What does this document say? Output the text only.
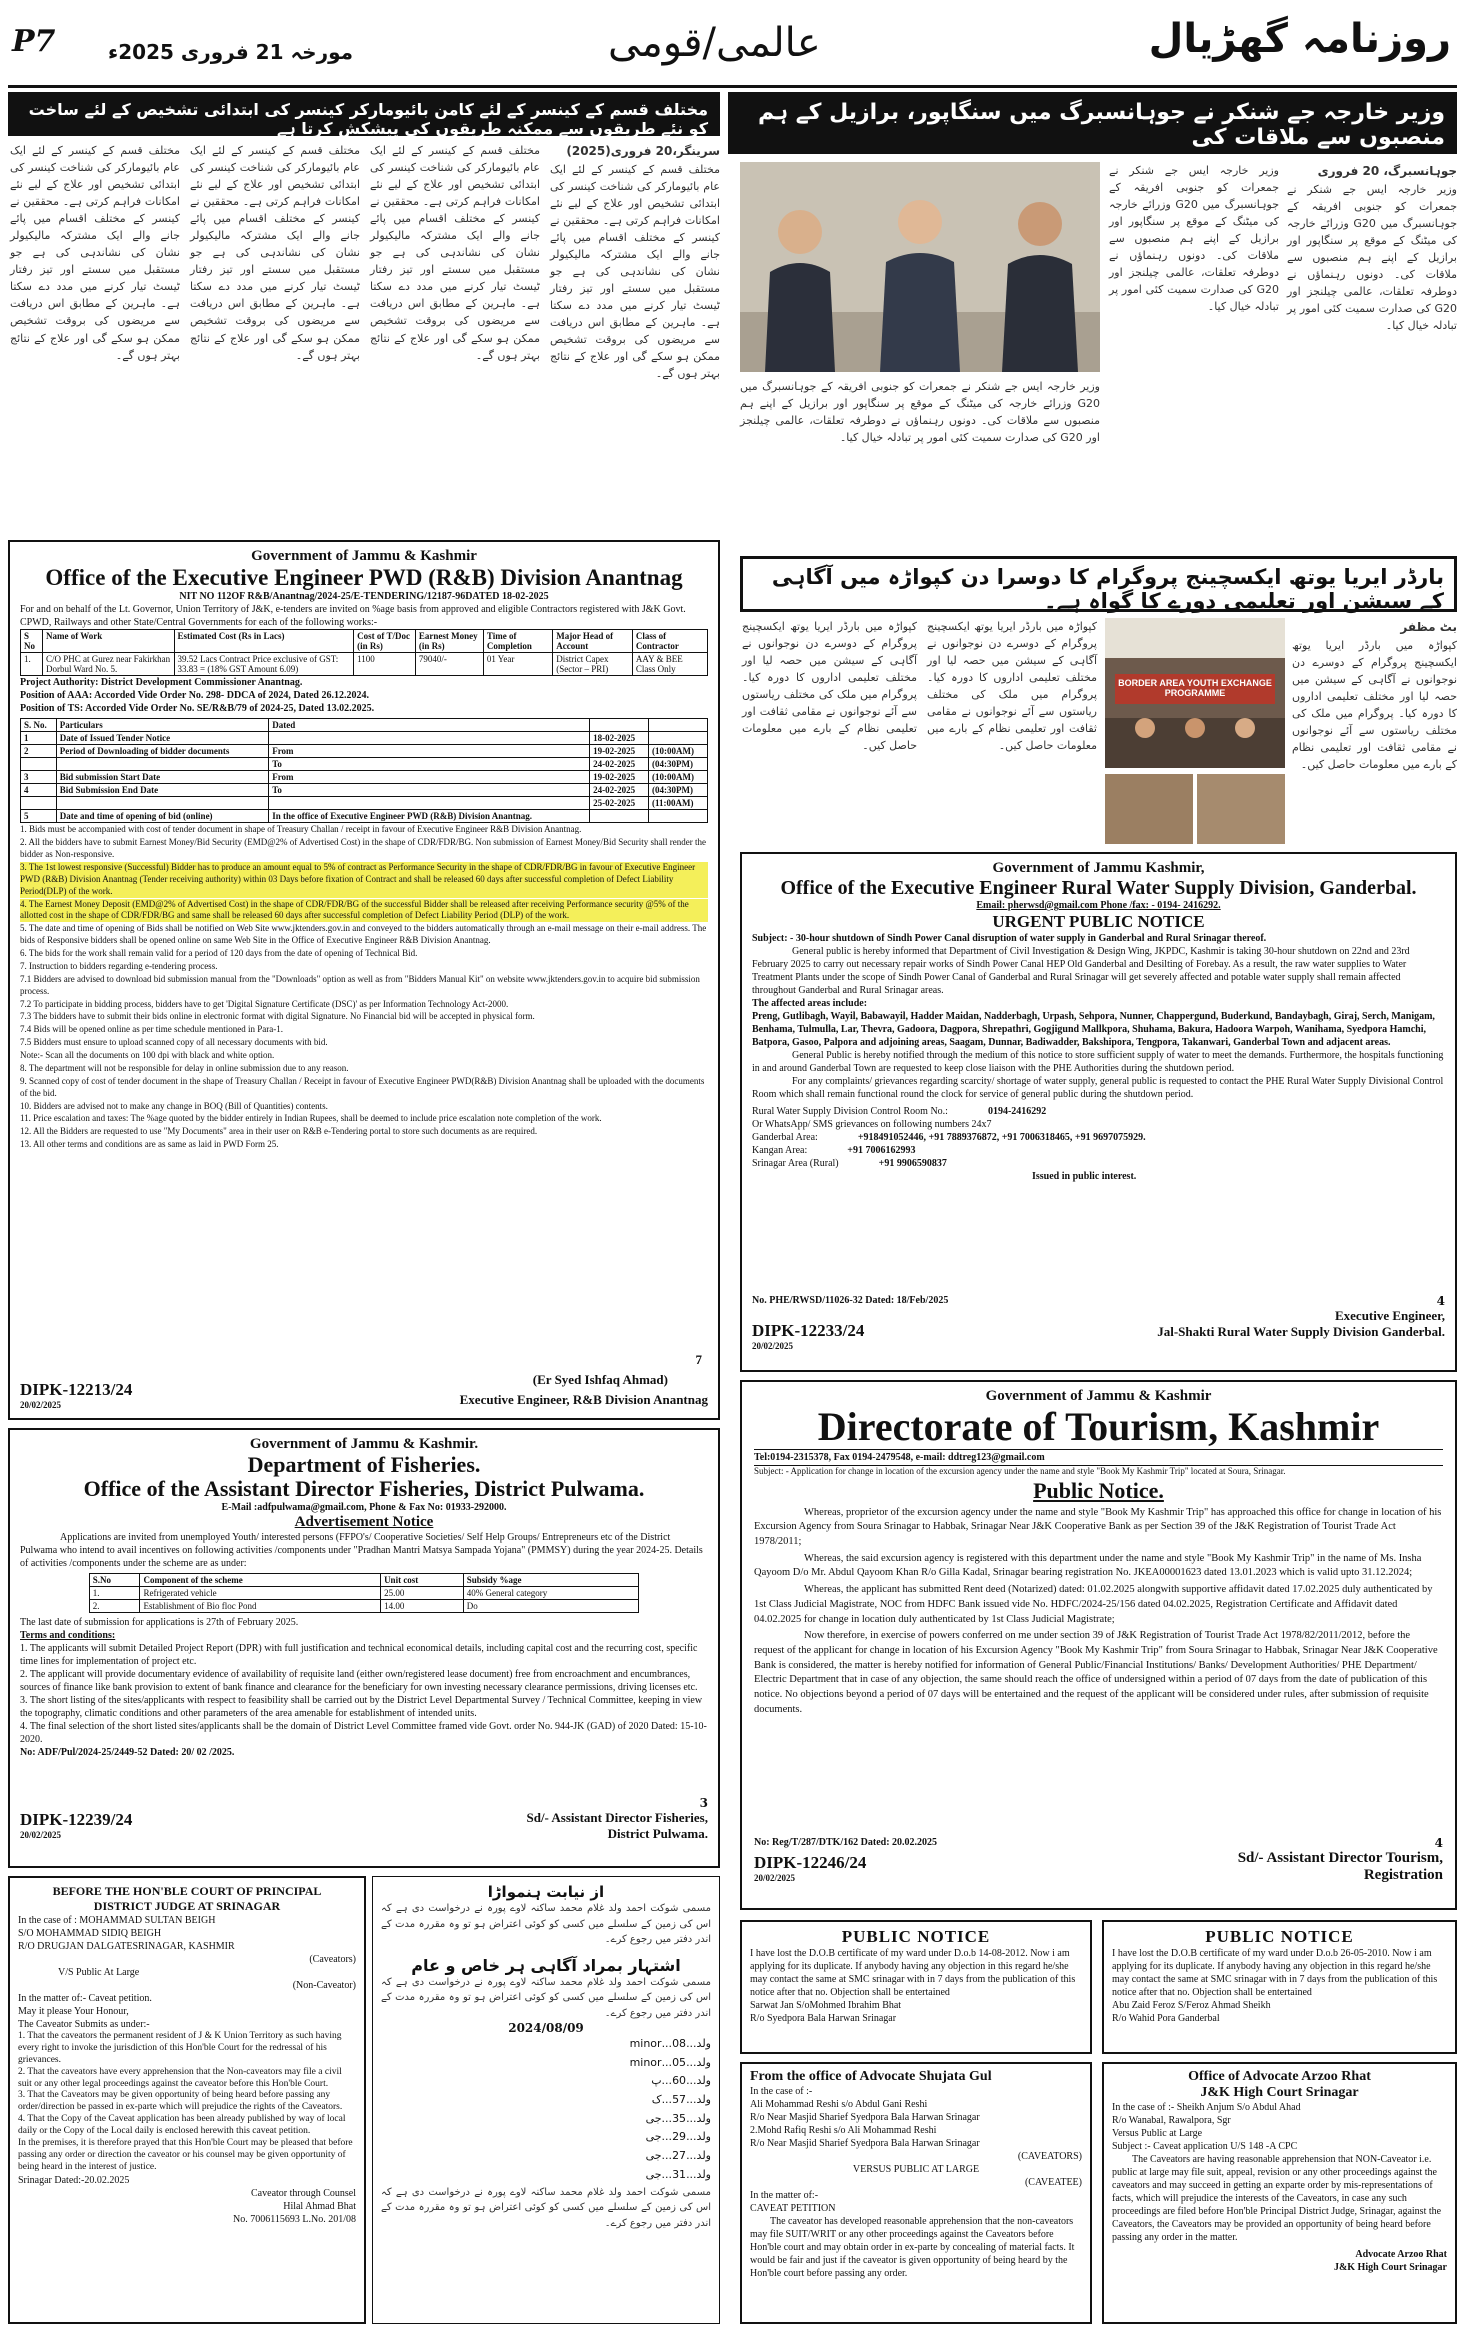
روزنامہ گھڑیال
عالمی/قومی
مورخہ 21 فروری 2025ء
P7
مختلف قسم کے کینسر کے لئے کامن بائیومارکر کینسر کی ابتدائی تشخیص کے لئے ساخت کو نئے طریقوں سے ممکنہ طریقوں کی پیشکش کرتا ہے
سرینگر،20 فروری(2025)
مختلف قسم کے کینسر کے لئے ایک عام بائیومارکر کی شناخت کینسر کی ابتدائی تشخیص اور علاج کے لیے نئے امکانات فراہم کرتی ہے۔ محققین نے کینسر کے مختلف اقسام میں پائے جانے والے ایک مشترکہ مالیکیولر نشان کی نشاندہی کی ہے جو مستقبل میں سستے اور تیز رفتار ٹیسٹ تیار کرنے میں مدد دے سکتا ہے۔ ماہرین کے مطابق اس دریافت سے مریضوں کی بروقت تشخیص ممکن ہو سکے گی اور علاج کے نتائج بہتر ہوں گے۔
مختلف قسم کے کینسر کے لئے ایک عام بائیومارکر کی شناخت کینسر کی ابتدائی تشخیص اور علاج کے لیے نئے امکانات فراہم کرتی ہے۔ محققین نے کینسر کے مختلف اقسام میں پائے جانے والے ایک مشترکہ مالیکیولر نشان کی نشاندہی کی ہے جو مستقبل میں سستے اور تیز رفتار ٹیسٹ تیار کرنے میں مدد دے سکتا ہے۔ ماہرین کے مطابق اس دریافت سے مریضوں کی بروقت تشخیص ممکن ہو سکے گی اور علاج کے نتائج بہتر ہوں گے۔
مختلف قسم کے کینسر کے لئے ایک عام بائیومارکر کی شناخت کینسر کی ابتدائی تشخیص اور علاج کے لیے نئے امکانات فراہم کرتی ہے۔ محققین نے کینسر کے مختلف اقسام میں پائے جانے والے ایک مشترکہ مالیکیولر نشان کی نشاندہی کی ہے جو مستقبل میں سستے اور تیز رفتار ٹیسٹ تیار کرنے میں مدد دے سکتا ہے۔ ماہرین کے مطابق اس دریافت سے مریضوں کی بروقت تشخیص ممکن ہو سکے گی اور علاج کے نتائج بہتر ہوں گے۔
مختلف قسم کے کینسر کے لئے ایک عام بائیومارکر کی شناخت کینسر کی ابتدائی تشخیص اور علاج کے لیے نئے امکانات فراہم کرتی ہے۔ محققین نے کینسر کے مختلف اقسام میں پائے جانے والے ایک مشترکہ مالیکیولر نشان کی نشاندہی کی ہے جو مستقبل میں سستے اور تیز رفتار ٹیسٹ تیار کرنے میں مدد دے سکتا ہے۔ ماہرین کے مطابق اس دریافت سے مریضوں کی بروقت تشخیص ممکن ہو سکے گی اور علاج کے نتائج بہتر ہوں گے۔
وزیر خارجہ جے شنکر نے جوہانسبرگ میں سنگاپور، برازیل کے ہم منصبوں سے ملاقات کی
جوہانسبرگ، 20 فروری
وزیر خارجہ ایس جے شنکر نے جمعرات کو جنوبی افریقہ کے جوہانسبرگ میں G20 وزرائے خارجہ کی میٹنگ کے موقع پر سنگاپور اور برازیل کے اپنے ہم منصبوں سے ملاقات کی۔ دونوں رہنماؤں نے دوطرفہ تعلقات، عالمی چیلنجز اور G20 کی صدارت سمیت کئی امور پر تبادلہ خیال کیا۔
وزیر خارجہ ایس جے شنکر نے جمعرات کو جنوبی افریقہ کے جوہانسبرگ میں G20 وزرائے خارجہ کی میٹنگ کے موقع پر سنگاپور اور برازیل کے اپنے ہم منصبوں سے ملاقات کی۔ دونوں رہنماؤں نے دوطرفہ تعلقات، عالمی چیلنجز اور G20 کی صدارت سمیت کئی امور پر تبادلہ خیال کیا۔
وزیر خارجہ ایس جے شنکر نے جمعرات کو جنوبی افریقہ کے جوہانسبرگ میں G20 وزرائے خارجہ کی میٹنگ کے موقع پر سنگاپور اور برازیل کے اپنے ہم منصبوں سے ملاقات کی۔ دونوں رہنماؤں نے دوطرفہ تعلقات، عالمی چیلنجز اور G20 کی صدارت سمیت کئی امور پر تبادلہ خیال کیا۔
Government of Jammu & Kashmir
Office of the Executive Engineer PWD (R&B) Division Anantnag
NIT NO 112OF R&B/Anantnag/2024-25/E-TENDERING/12187-96DATED 18-02-2025
For and on behalf of the Lt. Governor, Union Territory of J&K, e-tenders are invited on %age basis from approved and eligible Contractors registered with J&K Govt. CPWD, Railways and other State/Central Governments for each of the following works:-
S No	Name of Work	Estimated Cost (Rs in Lacs)	Cost of T/Doc (in Rs)	Earnest Money (in Rs)	Time of Completion	Major Head of Account	Class of Contractor
1.	C/O PHC at Gurez near Fakirkhan Dorbul Ward No. 5.	39.52 Lacs Contract Price exclusive of GST: 33.83 = (18% GST Amount 6.09)	1100	79040/-	01 Year	District Capex (Sector – PRI)	AAY & BEE Class Only
Project Authority: District Development Commissioner Anantnag.
Position of AAA: Accorded Vide Order No. 298- DDCA of 2024, Dated 26.12.2024.
Position of TS: Accorded Vide Order No. SE/R&B/79 of 2024-25, Dated 13.02.2025.
S. No.	Particulars	Dated		
1	Date of Issued Tender Notice		18-02-2025	
2	Period of Downloading of bidder documents	From	19-02-2025	(10:00AM)
		To	24-02-2025	(04:30PM)
3	Bid submission Start Date	From	19-02-2025	(10:00AM)
4	Bid Submission End Date	To	24-02-2025	(04:30PM)
			25-02-2025	(11:00AM)
5	Date and time of opening of bid (online)	In the office of Executive Engineer PWD (R&B) Division Anantnag.		
1. Bids must be accompanied with cost of tender document in shape of Treasury Challan / receipt in favour of Executive Engineer R&B Division Anantnag.
2. All the bidders have to submit Earnest Money/Bid Security (EMD@2% of Advertised Cost) in the shape of CDR/FDR/BG. Non submission of Earnest Money/Bid Security shall render the bidder as Non-responsive.
3. The 1st lowest responsive (Successful) Bidder has to produce an amount equal to 5% of contract as Performance Security in the shape of CDR/FDR/BG in favour of Executive Engineer PWD (R&B) Division Anantnag (Tender receiving authority) within 03 Days before fixation of Contract and shall be released 60 days after successful completion of Defect Liability Period(DLP) of the work.
4. The Earnest Money Deposit (EMD@2% of Advertised Cost) in the shape of CDR/FDR/BG of the successful Bidder shall be released after receiving Performance security @5% of the allotted cost in the shape of CDR/FDR/BG and same shall be released 60 days after successful completion of Defect Liability Period (DLP) of the work.
5. The date and time of opening of Bids shall be notified on Web Site www.jktenders.gov.in and conveyed to the bidders automatically through an e-mail message on their e-mail address. The bids of Responsive bidders shall be opened online on same Web Site in the Office of Executive Engineer R&B Division Anantnag.
6. The bids for the work shall remain valid for a period of 120 days from the date of opening of Technical Bid.
7. Instruction to bidders regarding e-tendering process.
7.1 Bidders are advised to download bid submission manual from the "Downloads" option as well as from "Bidders Manual Kit" on website www.jktenders.gov.in to acquire bid submission process.
7.2 To participate in bidding process, bidders have to get 'Digital Signature Certificate (DSC)' as per Information Technology Act-2000.
7.3 The bidders have to submit their bids online in electronic format with digital Signature. No Financial bid will be accepted in physical form.
7.4 Bids will be opened online as per time schedule mentioned in Para-1.
7.5 Bidders must ensure to upload scanned copy of all necessary documents with bid.
Note:- Scan all the documents on 100 dpi with black and white option.
8. The department will not be responsible for delay in online submission due to any reason.
9. Scanned copy of cost of tender document in the shape of Treasury Challan / Receipt in favour of Executive Engineer PWD(R&B) Division Anantnag shall be uploaded with the documents of the bid.
10. Bidders are advised not to make any change in BOQ (Bill of Quantities) contents.
11. Price escalation and taxes: The %age quoted by the bidder entirely in Indian Rupees, shall be deemed to include price escalation note completion of the work.
12. All the Bidders are requested to use "My Documents" area in their user on R&B e-Tendering portal to store such documents as are required.
13. All other terms and conditions are as same as laid in PWD Form 25.
(Er Syed Ishfaq Ahmad)
7
DIPK-12213/24
20/02/2025	Executive Engineer, R&B Division Anantnag
بارڈر ایریا یوتھ ایکسچینج پروگرام کا دوسرا دن کپواڑہ میں آگاہی کے سیشن اور تعلیمی دورے کا گواہ ہے۔
بٹ مظفر
کپواڑہ میں بارڈر ایریا یوتھ ایکسچینج پروگرام کے دوسرے دن نوجوانوں نے آگاہی کے سیشن میں حصہ لیا اور مختلف تعلیمی اداروں کا دورہ کیا۔ پروگرام میں ملک کی مختلف ریاستوں سے آئے نوجوانوں نے مقامی ثقافت اور تعلیمی نظام کے بارے میں معلومات حاصل کیں۔
BORDER AREA YOUTH EXCHANGE PROGRAMME
کپواڑہ میں بارڈر ایریا یوتھ ایکسچینج پروگرام کے دوسرے دن نوجوانوں نے آگاہی کے سیشن میں حصہ لیا اور مختلف تعلیمی اداروں کا دورہ کیا۔ پروگرام میں ملک کی مختلف ریاستوں سے آئے نوجوانوں نے مقامی ثقافت اور تعلیمی نظام کے بارے میں معلومات حاصل کیں۔
کپواڑہ میں بارڈر ایریا یوتھ ایکسچینج پروگرام کے دوسرے دن نوجوانوں نے آگاہی کے سیشن میں حصہ لیا اور مختلف تعلیمی اداروں کا دورہ کیا۔ پروگرام میں ملک کی مختلف ریاستوں سے آئے نوجوانوں نے مقامی ثقافت اور تعلیمی نظام کے بارے میں معلومات حاصل کیں۔
Government of Jammu Kashmir,
Office of the Executive Engineer Rural Water Supply Division, Ganderbal.
Email: pherwsd@gmail.com Phone /fax: - 0194- 2416292.
URGENT PUBLIC NOTICE
Subject: - 30-hour shutdown of Sindh Power Canal disruption of water supply in Ganderbal and Rural Srinagar thereof.
General public is hereby informed that Department of Civil Investigation & Design Wing, JKPDC, Kashmir is taking 30-hour shutdown on 22nd and 23rd February 2025 to carry out necessary repair works of Sindh Power Canal HEP Old Ganderbal and Desilting of Forebay. As a result, the raw water supplies to Water Treatment Plants under the scope of Sindh Power Canal of Ganderbal and Rural Srinagar will get severely affected and potable water supply shall remain affected throughout Ganderbal and Rural Srinagar areas.
The affected areas include:
Preng, Gutlibagh, Wayil, Babawayil, Hadder Maidan, Nadderbagh, Urpash, Sehpora, Nunner, Chappergund, Buderkund, Bandaybagh, Giraj, Serch, Manigam, Benhama, Tulmulla, Lar, Thevra, Gadoora, Dagpora, Shrepathri, Gogjigund Mallkpora, Shuhama, Bakura, Hadoora Warpoh, Wanihama, Syedpora Hamchi, Batpora, Gasoo, Palpora and adjoining areas, Saagam, Dunnar, Badiwadder, Bakshipora, Tengpora, Takanwari, Ganderbal Town and adjacent areas.
General Public is hereby notified through the medium of this notice to store sufficient supply of water to meet the demands. Furthermore, the hospitals functioning in and around Ganderbal Town are requested to keep close liaison with the PHE Authorities during the shutdown period.
For any complaints/ grievances regarding scarcity/ shortage of water supply, general public is requested to contact the PHE Rural Water Supply Divisional Control Room which shall remain functional round the clock for service of general public during the shutdown period.
Rural Water Supply Division Control Room No.:	0194-2416292
Or WhatsApp/ SMS grievances on following numbers 24x7
Ganderbal Area:	+918491052446, +91 7889376872, +91 7006318465, +91 9697075929.
Kangan Area:	+91 7006162993
Srinagar Area (Rural)	+91 9906590837
Issued in public interest.
No. PHE/RWSD/11026-32 Dated: 18/Feb/2025
DIPK-12233/24
20/02/2025
4
Executive Engineer,
Jal-Shakti Rural Water Supply Division Ganderbal.
Government of Jammu & Kashmir.
Department of Fisheries.
Office of the Assistant Director Fisheries, District Pulwama.
E-Mail :adfpulwama@gmail.com, Phone & Fax No: 01933-292000.
Advertisement Notice
Applications are invited from unemployed Youth/ interested persons (FFPO's/ Cooperative Societies/ Self Help Groups/ Entrepreneurs etc of the District Pulwama who intend to avail incentives on following activities /components under "Pradhan Mantri Matsya Sampada Yojana" (PMMSY) during the year 2024-25. Details of activities /components under the scheme are as under:
S.No	Component of the scheme	Unit cost	Subsidy %age
1.	Refrigerated vehicle	25.00	40% General category
2.	Establishment of Bio floc Pond	14.00	Do
The last date of submission for applications is 27th of February 2025.
Terms and conditions:
1. The applicants will submit Detailed Project Report (DPR) with full justification and technical economical details, including capital cost and the recurring cost, specific time lines for implementation of project etc.
2. The applicant will provide documentary evidence of availability of requisite land (either own/registered lease document) free from encroachment and encumbrances, sources of finance like bank provision to extent of bank finance and clearance for the beneficiary for own investing necessary clearance permissions, driving licenses etc.
3. The short listing of the sites/applicants with respect to feasibility shall be carried out by the District Level Departmental Survey / Technical Committee, keeping in view the topography, climatic conditions and other parameters of the area amenable for establishment of intended units.
4. The final selection of the short listed sites/applicants shall be the domain of District Level Committee framed vide Govt. order No. 944-JK (GAD) of 2020 Dated: 15-10-2020.
No: ADF/Pul/2024-25/2449-52 Dated: 20/ 02 /2025.
DIPK-12239/24
20/02/2025
3
Sd/- Assistant Director Fisheries,
District Pulwama.
Government of Jammu & Kashmir
Directorate of Tourism, Kashmir
Tel:0194-2315378, Fax 0194-2479548, e-mail: ddtreg123@gmail.com
Subject: - Application for change in location of the excursion agency under the name and style "Book My Kashmir Trip" located at Soura, Srinagar.
Public Notice.
Whereas, proprietor of the excursion agency under the name and style "Book My Kashmir Trip" has approached this office for change in location of his Excursion Agency from Soura Srinagar to Habbak, Srinagar Near J&K Cooperative Bank as per Section 39 of the J&K Registration of Tourist Trade Act 1978/2011;
Whereas, the said excursion agency is registered with this department under the name and style "Book My Kashmir Trip" in the name of Ms. Insha Qayoom D/o Mr. Abdul Qayoom Khan R/o Gilla Kadal, Srinagar bearing registration No. JKEA00001623 dated 13.01.2023 which is valid upto 31.12.2024;
Whereas, the applicant has submitted Rent deed (Notarized) dated: 01.02.2025 alongwith supportive affidavit dated 17.02.2025 duly authenticated by 1st Class Judicial Magistrate, NOC from HDFC Bank issued vide No. HDFC/2024-25/156 dated 04.02.2025, Registration Certificate and Affidavit dated 04.02.2025 for change in location duly authenticated by 1st Class Judicial Magistrate;
Now therefore, in exercise of powers conferred on me under section 39 of J&K Registration of Tourist Trade Act 1978/82/2011/2012, before the request of the applicant for change in location of his Excursion Agency "Book My Kashmir Trip" from Soura Srinagar to Habbak, Srinagar Near J&K Cooperative Bank is considered, the matter is hereby notified for information of General Public/Financial Institutions/ Banks/ Development Authorities/ PHE Department/ Electric Department that in case of any objection, the same should reach the office of undersigned within a period of 07 days from the date of publication of this notice. No objections beyond a period of 07 days will be entertained and the request of the applicant will be considered under rules, after submission of requisite documents.
No: Reg/T/287/DTK/162 Dated: 20.02.2025
DIPK-12246/24
20/02/2025
4
Sd/- Assistant Director Tourism,
Registration
BEFORE THE HON'BLE COURT OF PRINCIPAL
DISTRICT JUDGE AT SRINAGAR
In the case of : MOHAMMAD SULTAN BEIGH
S/O MOHAMMAD SIDIQ BEIGH
R/O DRUGJAN DALGATESRINAGAR, KASHMIR
(Caveators)
V/S Public At Large
(Non-Caveator)
In the matter of:- Caveat petition.
May it please Your Honour,
The Caveator Submits as under:-
1. That the caveators the permanent resident of J & K Union Territory as such having every right to invoke the jurisdiction of this Hon'ble Court for the redressal of his grievances.
2. That the caveators have every apprehension that the Non-caveators may file a civil suit or any other legal proceedings against the caveator before this Hon'ble Court.
3. That the Caveators may be given opportunity of being heard before passing any order/direction be passed in ex-parte which will prejudice the rights of the Caveators.
4. That the Copy of the Caveat application has been already published by way of local daily or the Copy of the Local daily is enclosed herewith this caveat petition.
In the premises, it is therefore prayed that this Hon'ble Court may be pleased that before passing any order or direction the caveator or his counsel may be given opportunity of being heard in the interest of justice.
Srinagar Dated:-20.02.2025
Caveator through Counsel
Hilal Ahmad Bhat
No. 7006115693 L.No. 201/08
از نیابت ہنمواڑا
مسمی شوکت احمد ولد غلام محمد ساکنہ لاوے پورہ نے درخواست دی ہے کہ اس کی زمین کے سلسلے میں کسی کو کوئی اعتراض ہو تو وہ مقررہ مدت کے اندر دفتر میں رجوع کرے۔
اشتہار بمراد آگاہی ہر خاص و عام
مسمی شوکت احمد ولد غلام محمد ساکنہ لاوے پورہ نے درخواست دی ہے کہ اس کی زمین کے سلسلے میں کسی کو کوئی اعتراض ہو تو وہ مقررہ مدت کے اندر دفتر میں رجوع کرے۔
2024/08/09
ولد...08...minor
ولد...05...minor
ولد...60...پ
ولد...57...ک
ولد...35...جی
ولد...29...جی
ولد...27...جی
ولد...31...جی
مسمی شوکت احمد ولد غلام محمد ساکنہ لاوے پورہ نے درخواست دی ہے کہ اس کی زمین کے سلسلے میں کسی کو کوئی اعتراض ہو تو وہ مقررہ مدت کے اندر دفتر میں رجوع کرے۔
PUBLIC NOTICE
I have lost the D.O.B certificate of my ward under D.o.b 14-08-2012. Now i am applying for its duplicate. If anybody having any objection in this regard he/she may contact the same at SMC srinagar with in 7 days from the publication of this notice after that no. Objection shall be entertained
Sarwat Jan S/oMohmed Ibrahim Bhat
R/o Syedpora Bala Harwan Srinagar
PUBLIC NOTICE
I have lost the D.O.B certificate of my ward under D.o.b 26-05-2010. Now i am applying for its duplicate. If anybody having any objection in this regard he/she may contact the same at SMC srinagar with in 7 days from the publication of this notice after that no. Objection shall be entertained
Abu Zaid Feroz S/Feroz Ahmad Sheikh
R/o Wahid Pora Ganderbal
From the office of Advocate Shujata Gul
In the case of :-
Ali Mohammad Reshi s/o Abdul Gani Reshi
R/o Near Masjid Sharief Syedpora Bala Harwan Srinagar
2.Mohd Rafiq Reshi s/o Ali Mohammad Reshi
R/o Near Masjid Sharief Syedpora Bala Harwan Srinagar
(CAVEATORS)
VERSUS PUBLIC AT LARGE
(CAVEATEE)
In the matter of:-
CAVEAT PETITION
The caveator has developed reasonable apprehension that the non-caveators may file SUIT/WRIT or any other proceedings against the Caveators before Hon'ble court and may obtain order in ex-parte by concealing of material facts. It would be fair and just if the caveator is given opportunity of being heard by the Hon'ble court before passing any order.
Office of Advocate Arzoo Rhat
J&K High Court Srinagar
In the case of :- Sheikh Anjum S/o Abdul Ahad
R/o Wanabal, Rawalpora, Sgr
Versus Public at Large
Subject :- Caveat application U/S 148 -A CPC
The Caveators are having reasonable apprehension that NON-Caveator i.e. public at large may file suit, appeal, revision or any other proceedings against the caveators and may succeed in getting an exparte order by mis-representations of facts, which will prejudice the interests of the Caveators, in case any such proceedings are filed before Hon'ble Principal District Judge, Srinagar, against the Caveators, the Caveators may be provided an opportunity of being heard before passing any order in the matter.
Advocate Arzoo Rhat
J&K High Court Srinagar
